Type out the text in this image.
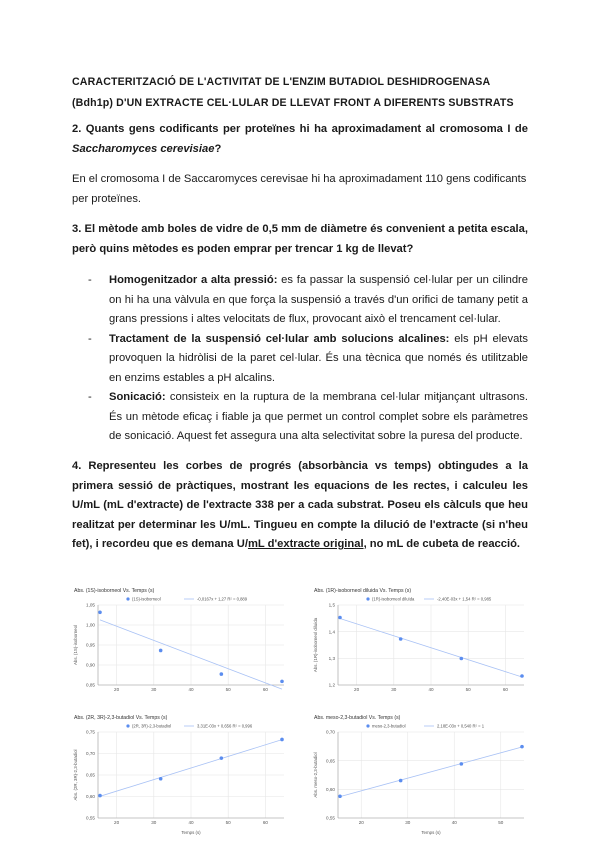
CARACTERITZACIÓ DE L'ACTIVITAT DE L'ENZIM BUTADIOL DESHIDROGENASA
(Bdh1p) D'UN EXTRACTE CEL·LULAR DE LLEVAT FRONT A DIFERENTS SUBSTRATS
2. Quants gens codificants per proteïnes hi ha aproximadament al cromosoma I de Saccharomyces cerevisiae?
En el cromosoma I de Saccaromyces cerevisae hi ha aproximadament 110 gens codificants per proteïnes.
3. El mètode amb boles de vidre de 0,5 mm de diàmetre és convenient a petita escala, però quins mètodes es poden emprar per trencar 1 kg de llevat?
- Homogenitzador a alta pressió: es fa passar la suspensió cel·lular per un cilindre on hi ha una vàlvula en que força la suspensió a través d'un orifici de tamany petit a grans pressions i altes velocitats de flux, provocant això el trencament cel·lular.
- Tractament de la suspensió cel·lular amb solucions alcalines: els pH elevats provoquen la hidròlisi de la paret cel·lular. És una tècnica que només és utilitzable en enzims estables a pH alcalins.
- Sonicació: consisteix en la ruptura de la membrana cel·lular mitjançant ultrasons. És un mètode eficaç i fiable ja que permet un control complet sobre els paràmetres de sonicació. Aquest fet assegura una alta selectivitat sobre la puresa del producte.
4. Representeu les corbes de progrés (absorbància vs temps) obtingudes a la primera sessió de pràctiques, mostrant les equacions de les rectes, i calculeu les U/mL (mL d'extracte) de l'extracte 338 per a cada substrat. Poseu els càlculs que heu realitzat per determinar les U/mL. Tingueu en compte la dilució de l'extracte (si n'heu fet), i recordeu que es demana U/mL d'extracte original, no mL de cubeta de reacció.
Abs. (1S)-isoborneol Vs. Temps (s)
(1S)-isoborneol	-0,0167x + 1,27 R² = 0,889
1,05
1,00
0,95
0,90
0,85
20	30	40	50	60
Abs. (1S)-isoborneol
Abs. (1R)-isoborneol diluida Vs. Temps (s)
(1R)-isoborneol diluïda	-2,40E-03x + 1,54 R² = 0,985
1,5
1,4
1,3
1,2
20	30	40	50	60
Abs. (1R)-isoborneol diluida
Abs. (2R, 3R)-2,3-butadiol Vs. Temps (s)
(2R, 3R)-2,3-butadiol	3,31E-03x + 0,656 R² = 0,996
0,75
0,70
0,65
0,60
0,55
20	30	40	50	60
Abs. (2R, 3R)-2,3-butadiol
Temps (s)
Abs. meso-2,3-butadiol Vs. Temps (s)
meso-2,3-butadiol	2,18E-03x + 0,540 R² = 1
0,70
0,65
0,60
0,55
20	30	40	50
Abs. meso-2,3-butadiol
Temps (s)
